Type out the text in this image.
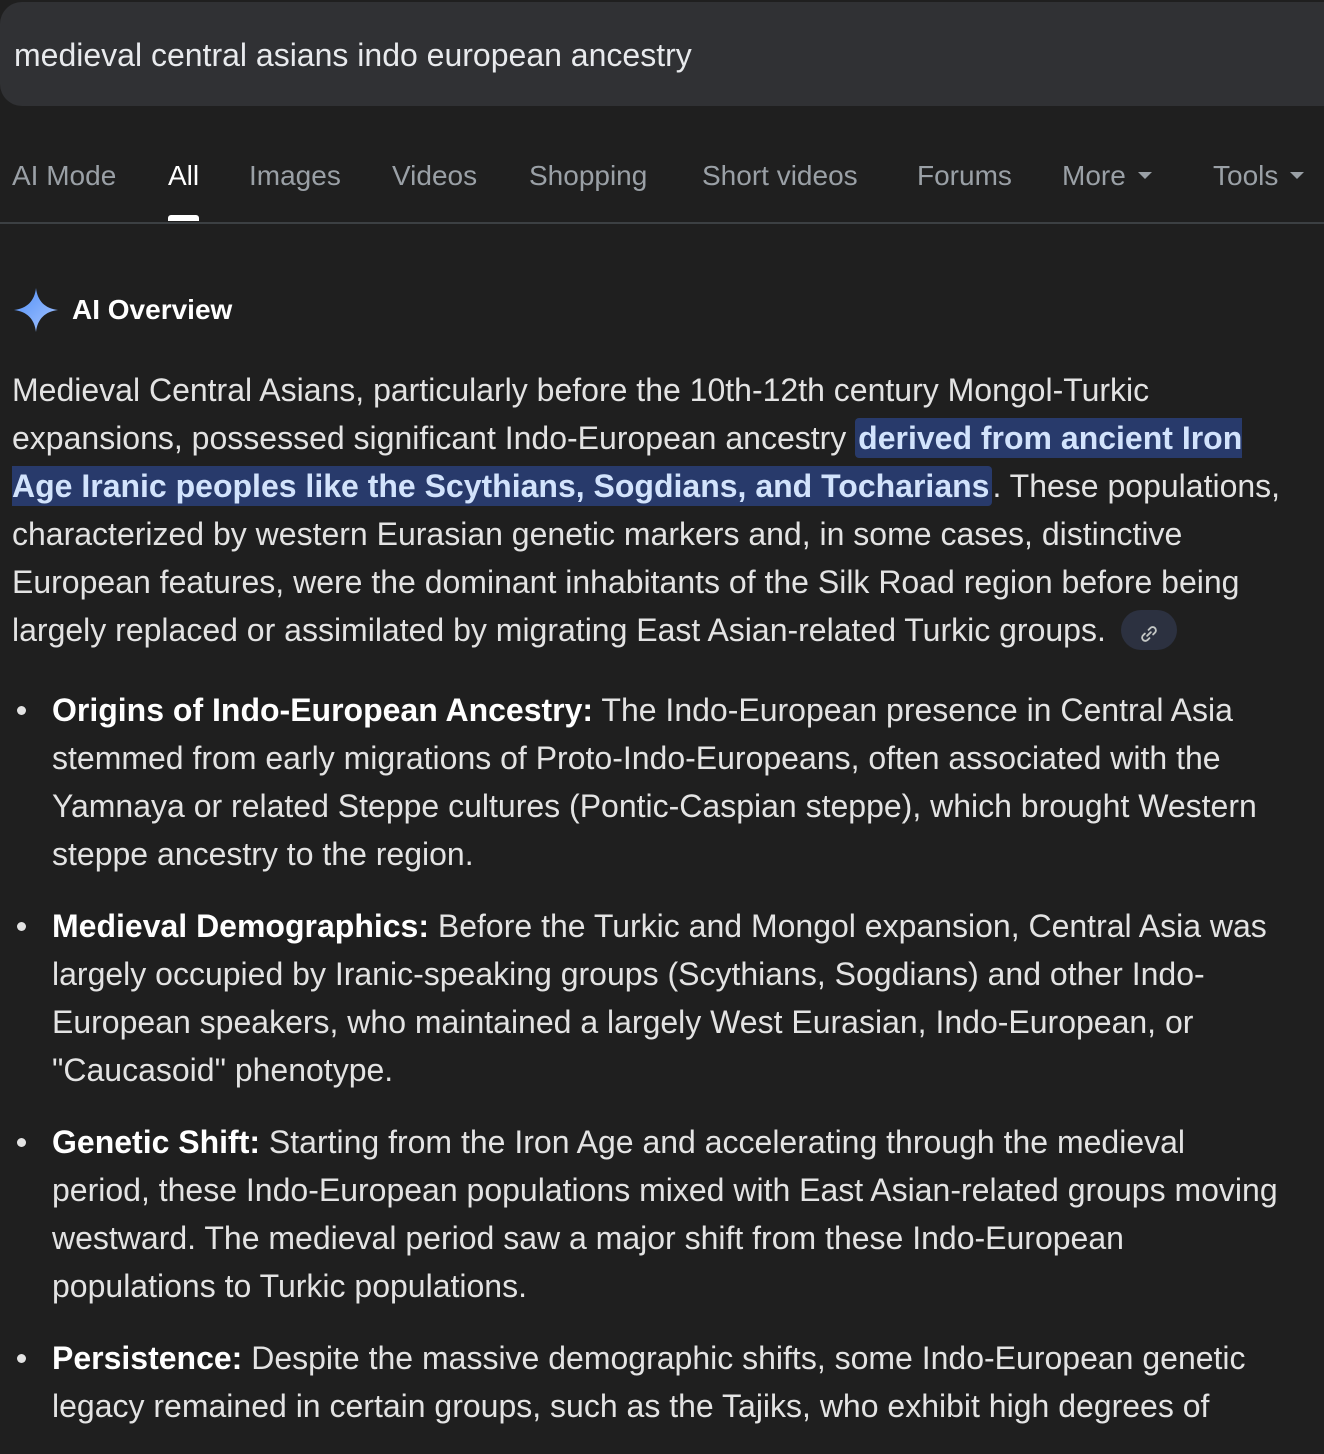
medieval central asians indo european ancestry
AI Mode All Images Videos Shopping Short videos Forums More	Tools
AI Overview
Medieval Central Asians, particularly before the 10th-12th century Mongol-Turkic expansions, possessed significant Indo-European ancestry derived from ancient Iron Age Iranic peoples like the Scythians, Sogdians, and Tocharians. These populations, characterized by western Eurasian genetic markers and, in some cases, distinctive European features, were the dominant inhabitants of the Silk Road region before being largely replaced or assimilated by migrating East Asian-related Turkic groups.
Origins of Indo-European Ancestry: The Indo-European presence in Central Asia stemmed from early migrations of Proto-Indo-Europeans, often associated with the Yamnaya or related Steppe cultures (Pontic-Caspian steppe), which brought Western steppe ancestry to the region.
Medieval Demographics: Before the Turkic and Mongol expansion, Central Asia was largely occupied by Iranic-speaking groups (Scythians, Sogdians) and other Indo-European speakers, who maintained a largely West Eurasian, Indo-European, or "Caucasoid" phenotype.
Genetic Shift: Starting from the Iron Age and accelerating through the medieval period, these Indo-European populations mixed with East Asian-related groups moving westward. The medieval period saw a major shift from these Indo-European populations to Turkic populations.
Persistence: Despite the massive demographic shifts, some Indo-European genetic legacy remained in certain groups, such as the Tajiks, who exhibit high degrees of
